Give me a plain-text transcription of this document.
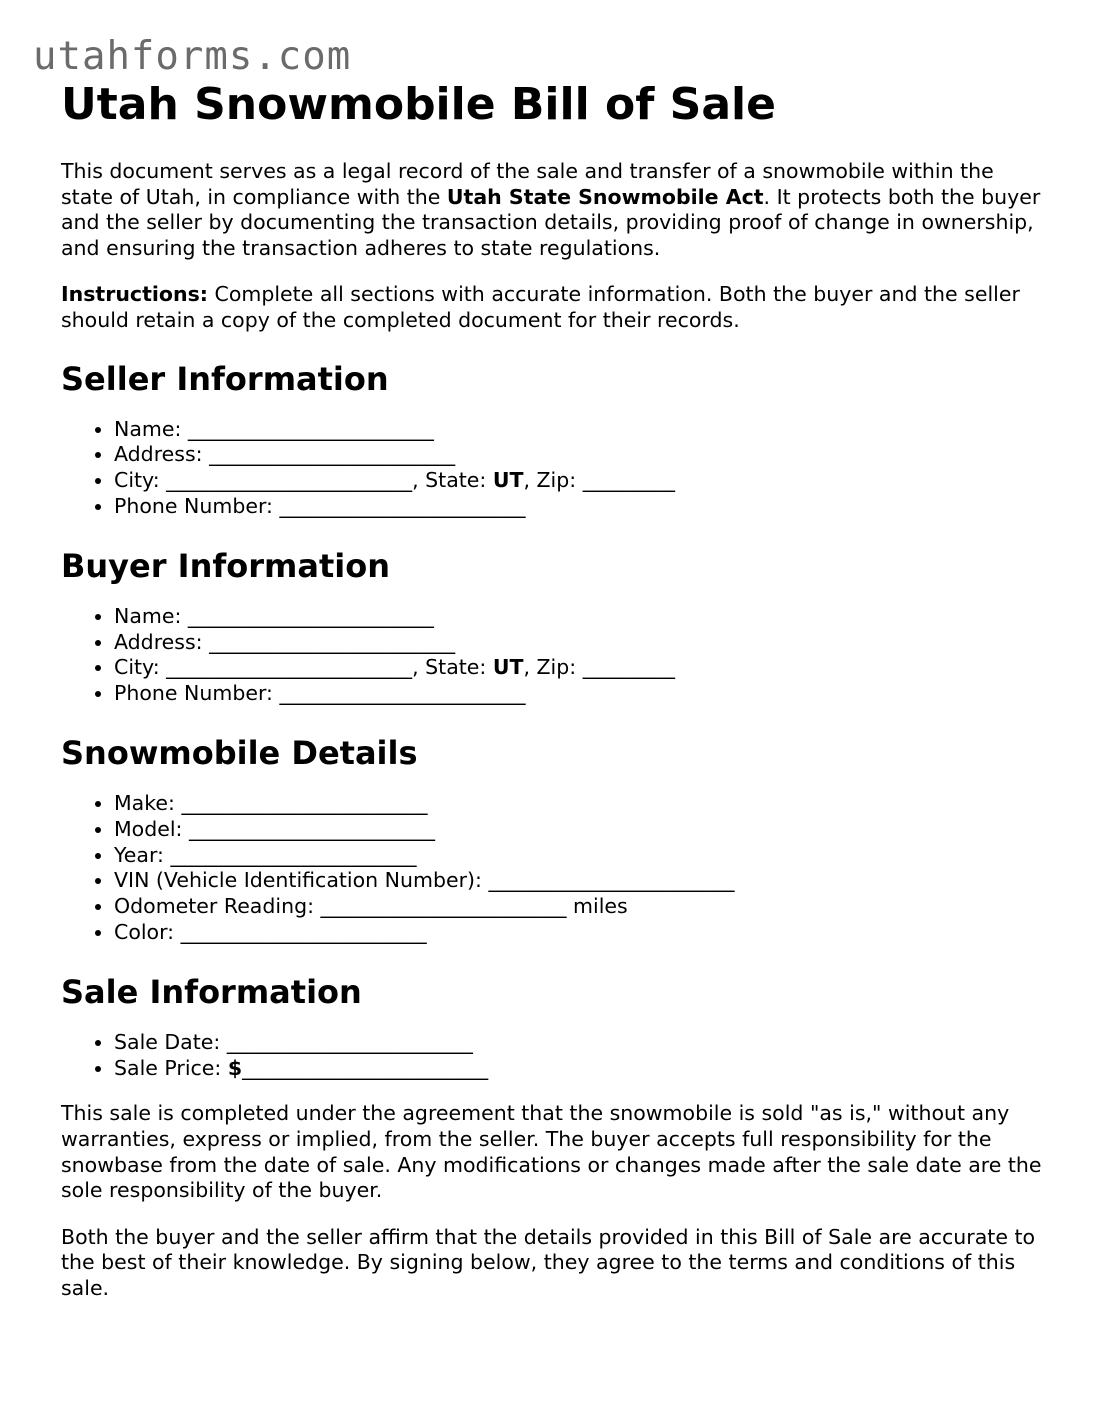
utahforms.com
Utah Snowmobile Bill of Sale

This document serves as a legal record of the sale and transfer of a snowmobile within the state of Utah, in compliance with the Utah State Snowmobile Act. It protects both the buyer and the seller by documenting the transaction details, providing proof of change in ownership, and ensuring the transaction adheres to state regulations.

Instructions: Complete all sections with accurate information. Both the buyer and the seller should retain a copy of the completed document for their records.

Seller Information
• Name: ________________________
• Address: ________________________
• City: ________________________, State: UT, Zip: _________
• Phone Number: ________________________
Buyer Information
• Name: ________________________
• Address: ________________________
• City: ________________________, State: UT, Zip: _________
• Phone Number: ________________________
Snowmobile Details
• Make: ________________________
• Model: ________________________
• Year: ________________________
• VIN (Vehicle Identification Number): ________________________
• Odometer Reading: ________________________ miles
• Color: ________________________
Sale Information
• Sale Date: ________________________
• Sale Price: $________________________

This sale is completed under the agreement that the snowmobile is sold "as is," without any warranties, express or implied, from the seller. The buyer accepts full responsibility for the snowbase from the date of sale. Any modifications or changes made after the sale date are the sole responsibility of the buyer.

Both the buyer and the seller affirm that the details provided in this Bill of Sale are accurate to the best of their knowledge. By signing below, they agree to the terms and conditions of this sale.
